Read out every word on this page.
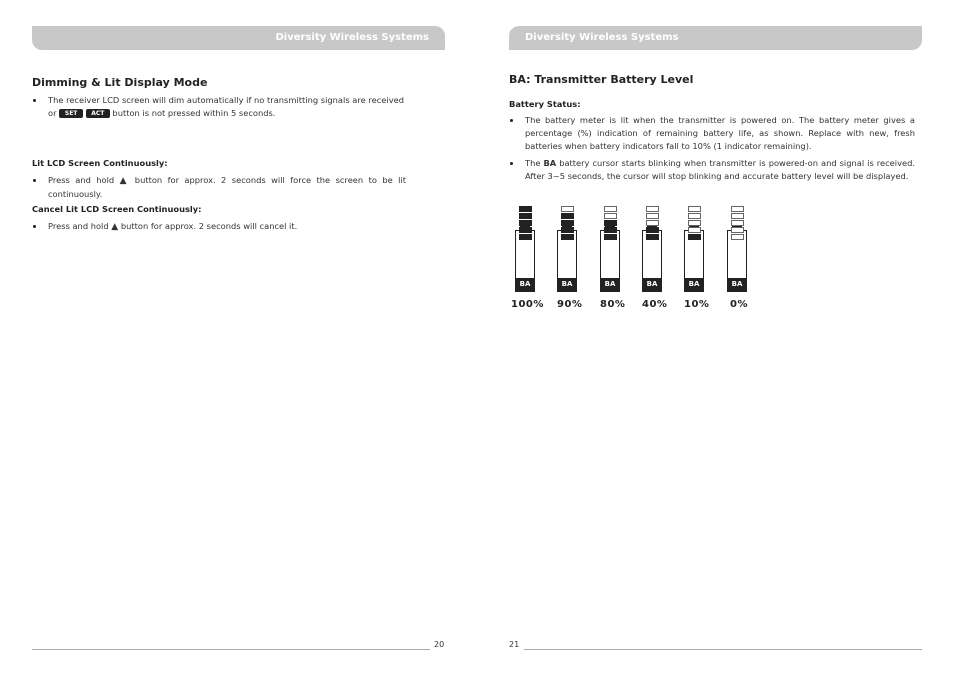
Diversity Wireless Systems
Dimming & Lit Display Mode
The receiver LCD screen will dim automatically if no transmitting signals are received or SET ACT button is not pressed within 5 seconds.
Lit LCD Screen Continuously:
Press and hold ▲ button for approx. 2 seconds will force the screen to be lit continuously.
Cancel Lit LCD Screen Continuously:
Press and hold ▲ button for approx. 2 seconds will cancel it.
20
Diversity Wireless Systems
BA: Transmitter Battery Level
Battery Status:
The battery meter is lit when the transmitter is powered on. The battery meter gives a percentage (%) indication of remaining battery life, as shown. Replace with new, fresh batteries when battery indicators fall to 10% (1 indicator remaining).
The BA battery cursor starts blinking when transmitter is powered-on and signal is received. After 3~5 seconds, the cursor will stop blinking and accurate battery level will be displayed.
BA
100%
BA
90%
BA
80%
BA
40%
BA
10%
BA
0%
21
